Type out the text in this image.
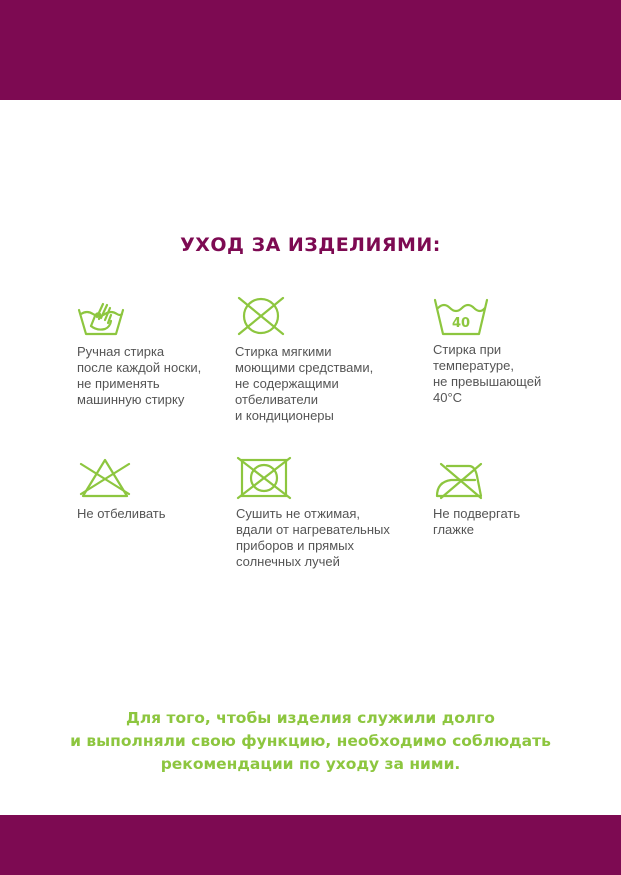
УХОД ЗА ИЗДЕЛИЯМИ:
Ручная стирка
после каждой носки,
не применять
машинную стирку
Стирка мягкими
моющими средствами,
не содержащими
отбеливатели
и кондиционеры
40
Стирка при
температуре,
не превышающей
40°C
Не отбеливать	Сушить не отжимая,
вдали от нагревательных
приборов и прямых
солнечных лучей
Не подвергать
глажке
Для того, чтобы изделия служили долго
и выполняли свою функцию, необходимо соблюдать
рекомендации по уходу за ними.
